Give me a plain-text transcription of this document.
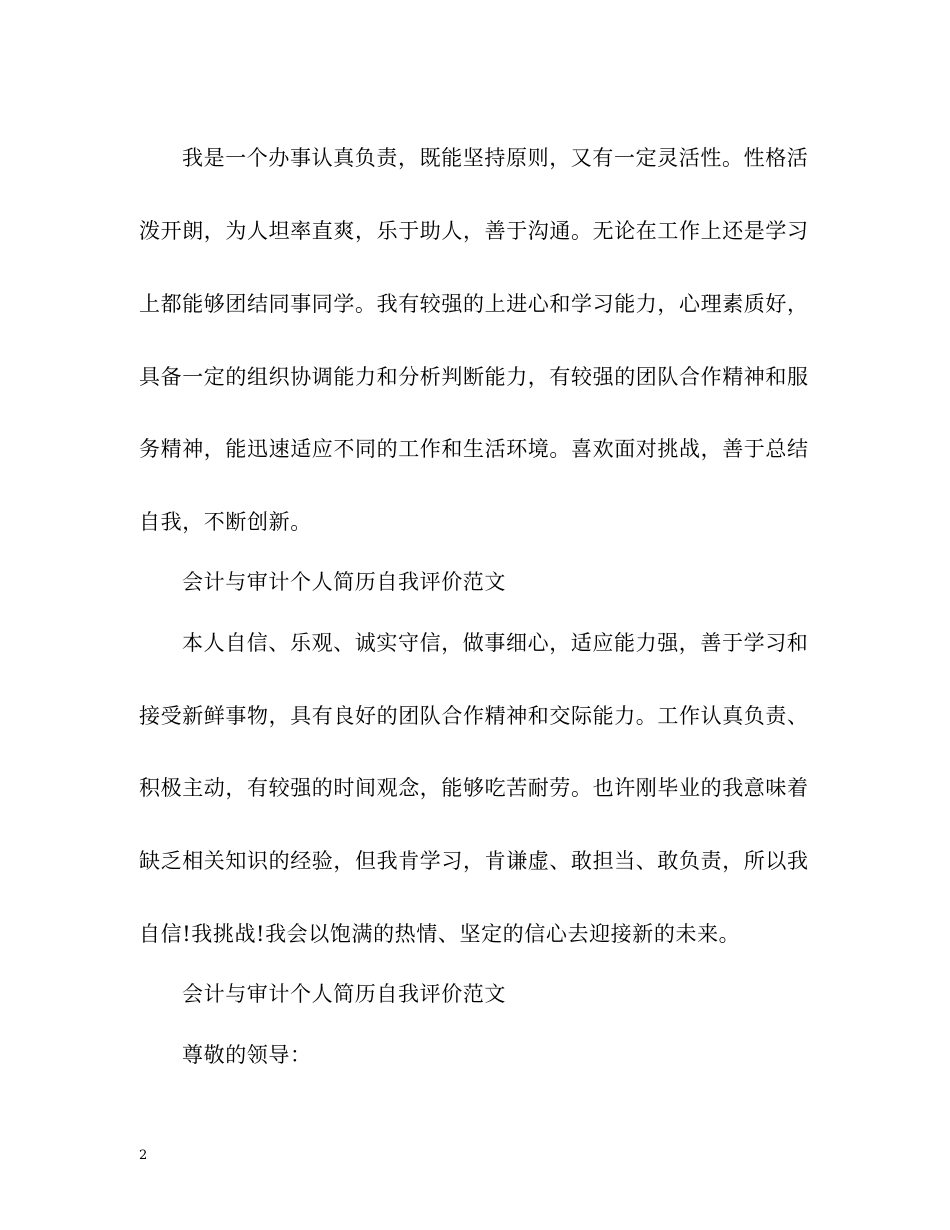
我是一个办事认真负责，既能坚持原则，又有一定灵活性。性格活
泼开朗，为人坦率直爽，乐于助人，善于沟通。无论在工作上还是学习
上都能够团结同事同学。我有较强的上进心和学习能力，心理素质好，
具备一定的组织协调能力和分析判断能力，有较强的团队合作精神和服
务精神，能迅速适应不同的工作和生活环境。喜欢面对挑战，善于总结
自我，不断创新。
会计与审计个人简历自我评价范文
本人自信、乐观、诚实守信，做事细心，适应能力强，善于学习和
接受新鲜事物，具有良好的团队合作精神和交际能力。工作认真负责、
积极主动，有较强的时间观念，能够吃苦耐劳。也许刚毕业的我意味着
缺乏相关知识的经验，但我肯学习，肯谦虚、敢担当、敢负责，所以我
自信!我挑战!我会以饱满的热情、坚定的信心去迎接新的未来。
会计与审计个人简历自我评价范文
尊敬的领导：
2
